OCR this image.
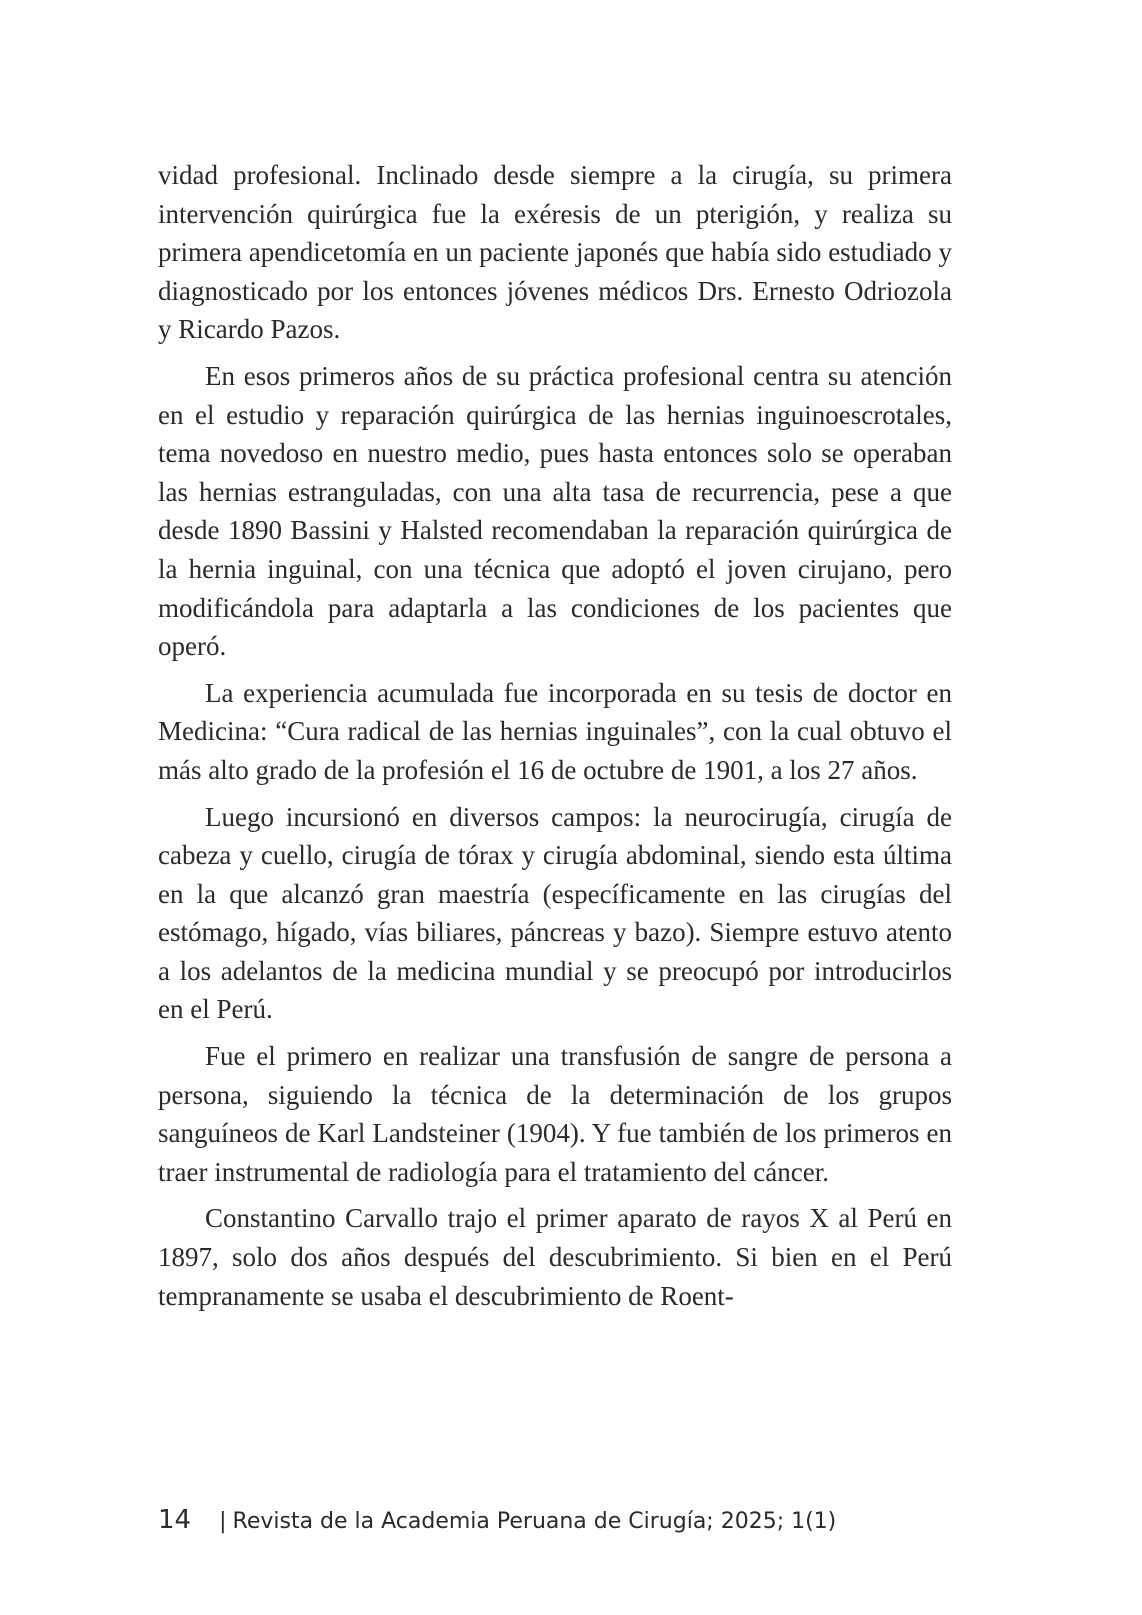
vidad profesional. Inclinado desde siempre a la cirugía, su primera intervención quirúrgica fue la exéresis de un pterigión, y realiza su primera apendicetomía en un paciente japonés que había sido estudiado y diagnosticado por los entonces jóvenes médicos Drs. Ernesto Odriozola y Ricardo Pazos.

En esos primeros años de su práctica profesional centra su atención en el estudio y reparación quirúrgica de las hernias inguinoescrotales, tema novedoso en nuestro medio, pues hasta entonces solo se operaban las hernias estranguladas, con una alta tasa de recurrencia, pese a que desde 1890 Bassini y Halsted recomendaban la reparación quirúrgica de la hernia inguinal, con una técnica que adoptó el joven cirujano, pero modificándola para adaptarla a las condiciones de los pacientes que operó.

La experiencia acumulada fue incorporada en su tesis de doctor en Medicina: “Cura radical de las hernias inguinales”, con la cual obtuvo el más alto grado de la profesión el 16 de octubre de 1901, a los 27 años.

Luego incursionó en diversos campos: la neurocirugía, cirugía de cabeza y cuello, cirugía de tórax y cirugía abdominal, siendo esta última en la que alcanzó gran maestría (específicamente en las cirugías del estómago, hígado, vías biliares, páncreas y bazo). Siempre estuvo atento a los adelantos de la medicina mundial y se preocupó por introducirlos en el Perú.

Fue el primero en realizar una transfusión de sangre de persona a persona, siguiendo la técnica de la determinación de los grupos sanguíneos de Karl Landsteiner (1904). Y fue también de los primeros en traer instrumental de radiología para el tratamiento del cáncer.

Constantino Carvallo trajo el primer aparato de rayos X al Perú en 1897, solo dos años después del descubrimiento. Si bien en el Perú tempranamente se usaba el descubrimiento de Roent-

14 | Revista de la Academia Peruana de Cirugía; 2025; 1(1)
